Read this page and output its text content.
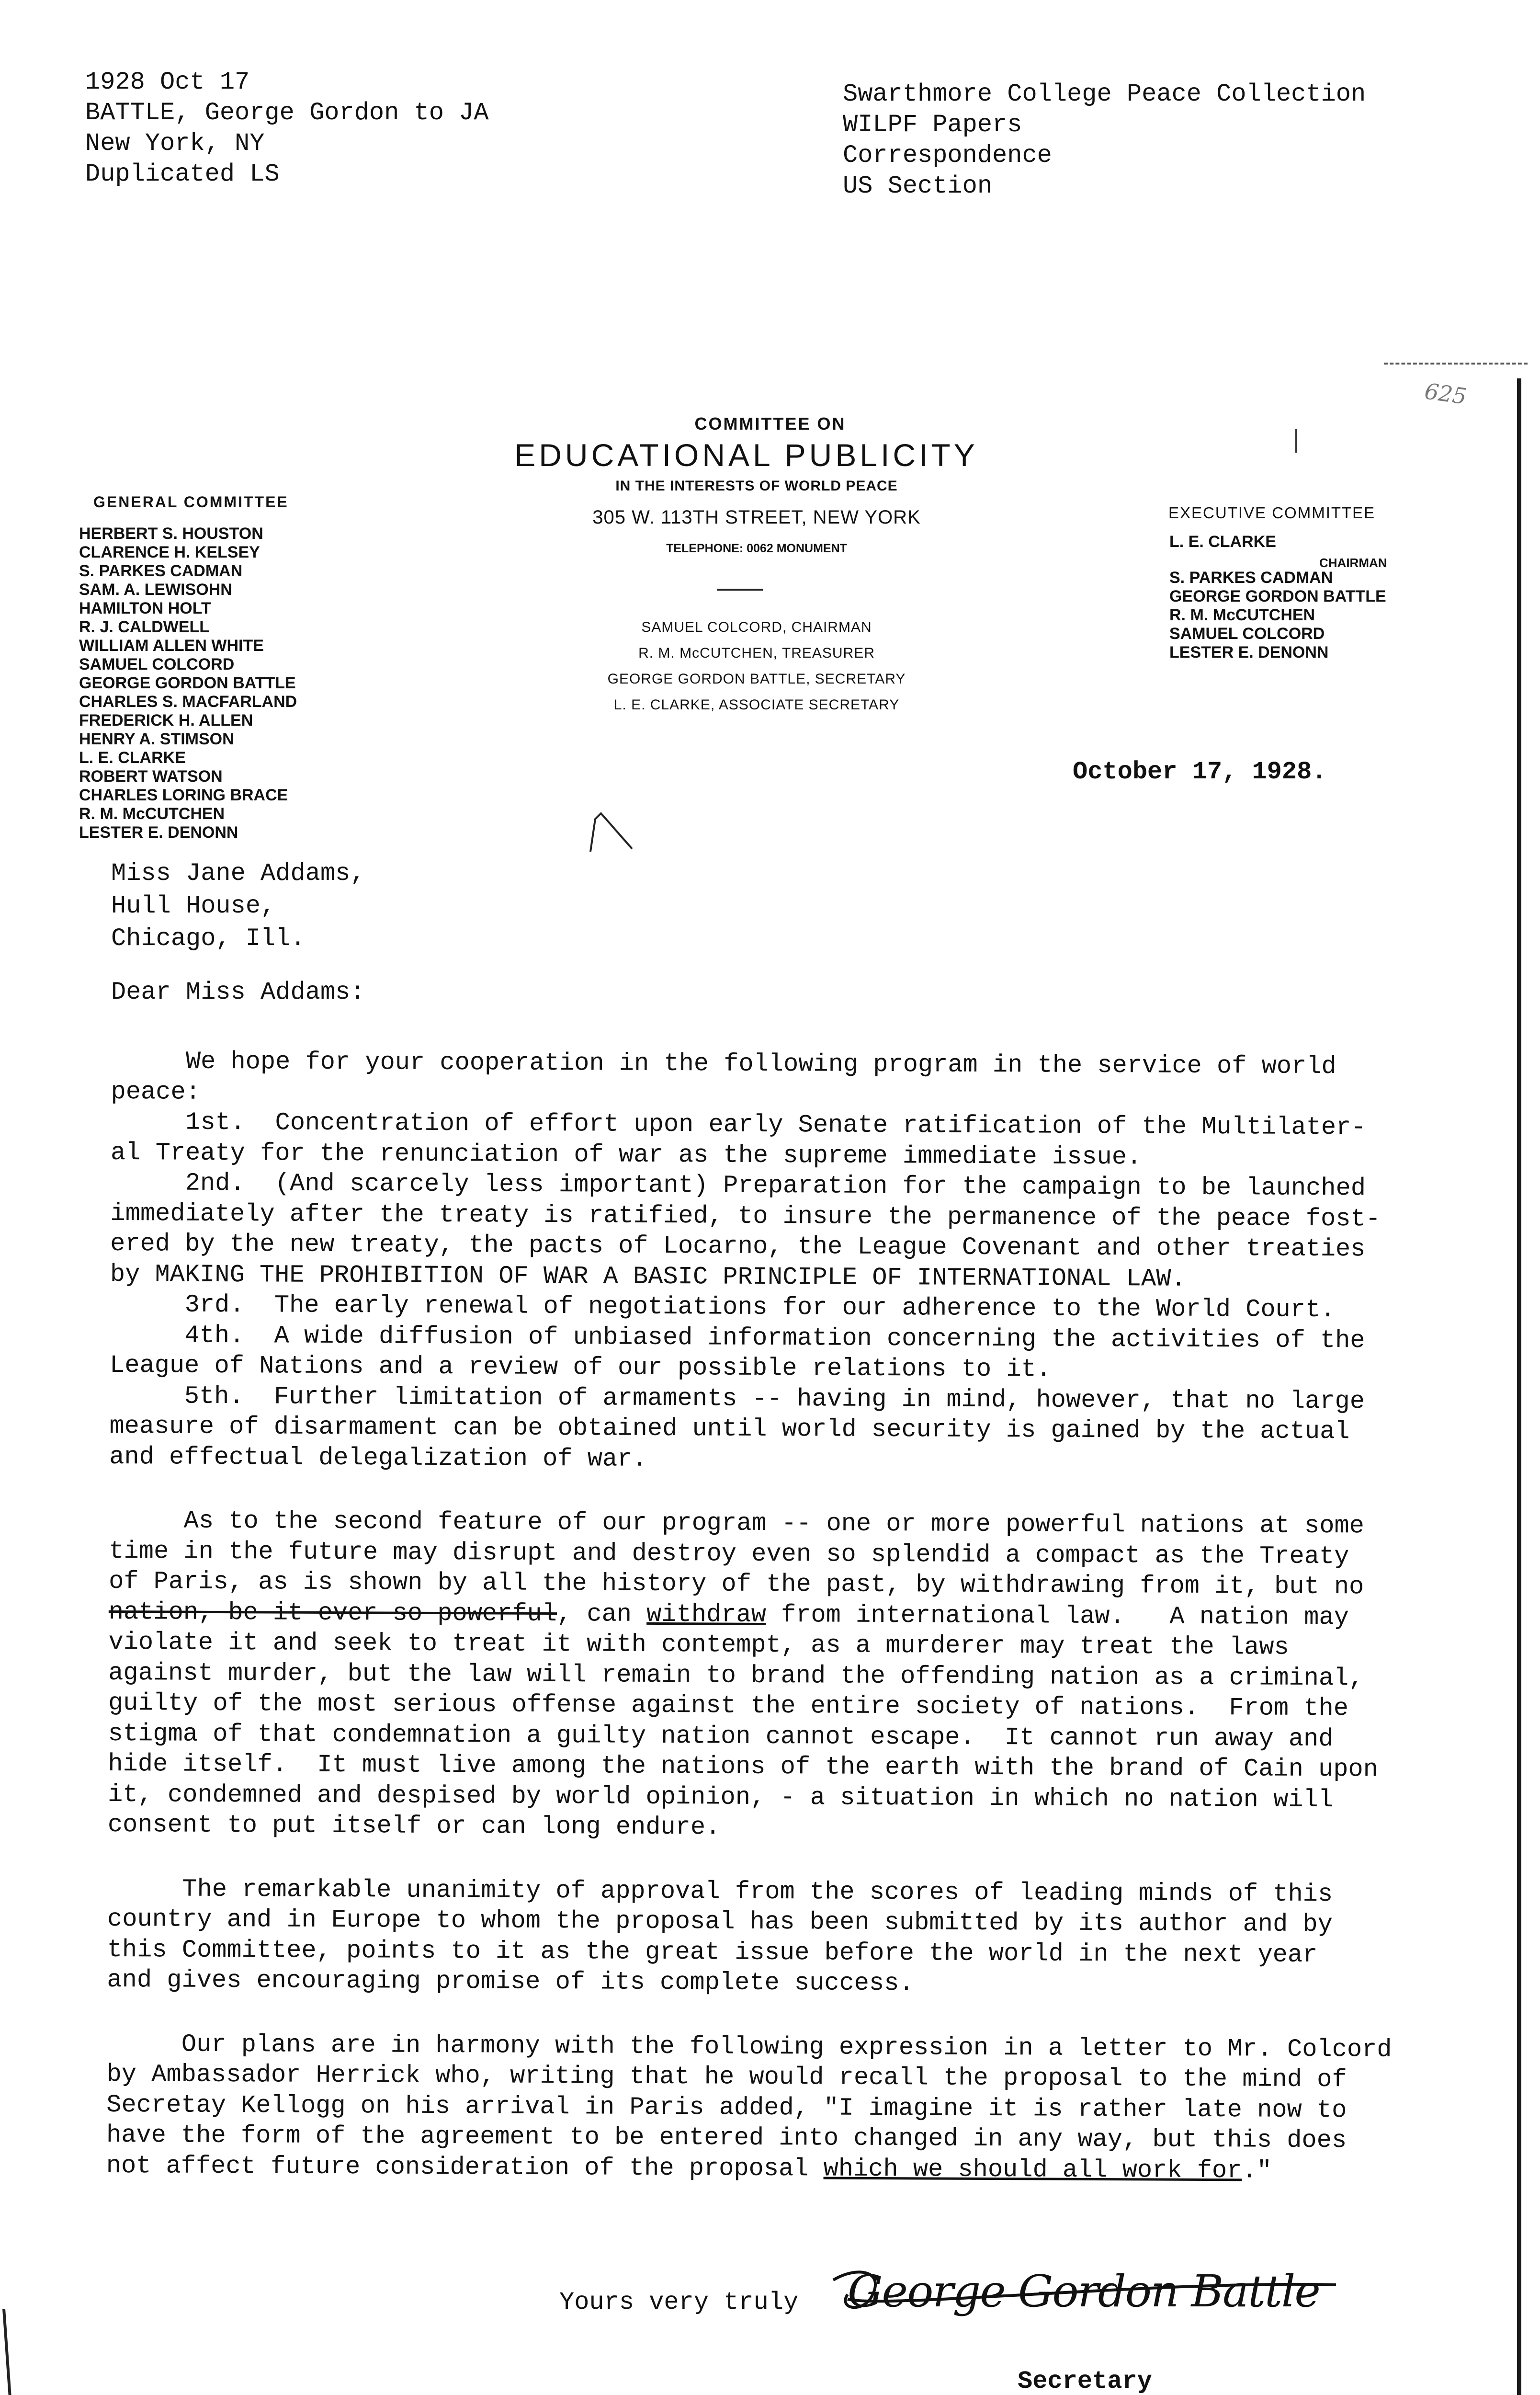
1928 Oct 17
BATTLE, George Gordon to JA
New York, NY
Duplicated LS
Swarthmore College Peace Collection
WILPF Papers
Correspondence
US Section
625
COMMITTEE ON
EDUCATIONAL PUBLICITY
IN THE INTERESTS OF WORLD PEACE
305 W. 113TH STREET, NEW YORK
TELEPHONE: 0062 MONUMENT
SAMUEL COLCORD, CHAIRMAN
R. M. McCUTCHEN, TREASURER
GEORGE GORDON BATTLE, SECRETARY
L. E. CLARKE, ASSOCIATE SECRETARY
GENERAL COMMITTEE
HERBERT S. HOUSTON
CLARENCE H. KELSEY
S. PARKES CADMAN
SAM. A. LEWISOHN
HAMILTON HOLT
R. J. CALDWELL
WILLIAM ALLEN WHITE
SAMUEL COLCORD
GEORGE GORDON BATTLE
CHARLES S. MACFARLAND
FREDERICK H. ALLEN
HENRY A. STIMSON
L. E. CLARKE
ROBERT WATSON
CHARLES LORING BRACE
R. M. McCUTCHEN
LESTER E. DENONN
EXECUTIVE COMMITTEE
L. E. CLARKE
CHAIRMAN
S. PARKES CADMAN
GEORGE GORDON BATTLE
R. M. McCUTCHEN
SAMUEL COLCORD
LESTER E. DENONN
October 17, 1928.
Miss Jane Addams,
Hull House,
Chicago, Ill.
Dear Miss Addams:

We hope for your cooperation in the following program in the service of world

peace:

1st.  Concentration of effort upon early Senate ratification of the Multilater-

al Treaty for the renunciation of war as the supreme immediate issue.

2nd.  (And scarcely less important) Preparation for the campaign to be launched

immediately after the treaty is ratified, to insure the permanence of the peace fost-

ered by the new treaty, the pacts of Locarno, the League Covenant and other treaties

by MAKING THE PROHIBITION OF WAR A BASIC PRINCIPLE OF INTERNATIONAL LAW.

3rd.  The early renewal of negotiations for our adherence to the World Court.

4th.  A wide diffusion of unbiased information concerning the activities of the

League of Nations and a review of our possible relations to it.

5th.  Further limitation of armaments -- having in mind, however, that no large

measure of disarmament can be obtained until world security is gained by the actual

and effectual delegalization of war.

As to the second feature of our program -- one or more powerful nations at some

time in the future may disrupt and destroy even so splendid a compact as the Treaty

of Paris, as is shown by all the history of the past, by withdrawing from it, but no

nation, be it ever so powerful, can withdraw from international law.   A nation may

violate it and seek to treat it with contempt, as a murderer may treat the laws

against murder, but the law will remain to brand the offending nation as a criminal,

guilty of the most serious offense against the entire society of nations.  From the

stigma of that condemnation a guilty nation cannot escape.  It cannot run away and

hide itself.  It must live among the nations of the earth with the brand of Cain upon

it, condemned and despised by world opinion, - a situation in which no nation will

consent to put itself or can long endure.

The remarkable unanimity of approval from the scores of leading minds of this

country and in Europe to whom the proposal has been submitted by its author and by

this Committee, points to it as the great issue before the world in the next year

and gives encouraging promise of its complete success.

Our plans are in harmony with the following expression in a letter to Mr. Colcord

by Ambassador Herrick who, writing that he would recall the proposal to the mind of

Secretay Kellogg on his arrival in Paris added, "I imagine it is rather late now to

have the form of the agreement to be entered into changed in any way, but this does

not affect future consideration of the proposal which we should all work for."

Yours very truly George Gordon Battle
Secretary
